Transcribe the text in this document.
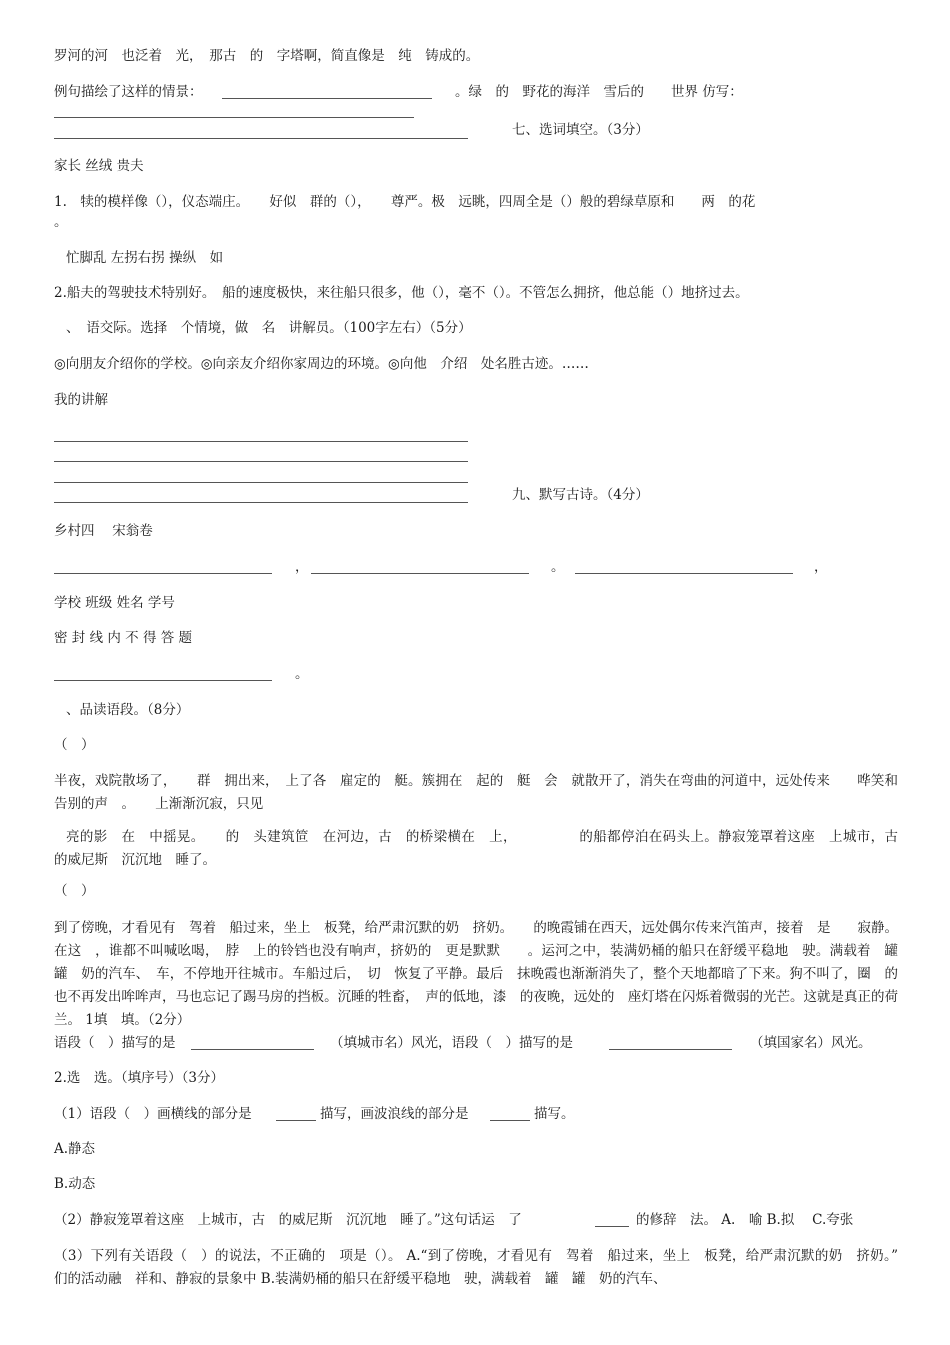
罗河的河　也泛着　光，　那古　的　字塔啊，简直像是　纯　铸成的。
例句描绘了这样的情景：	。绿　的　野花的海洋　雪后的　　世界 仿写：
七、选词填空。（3分）
家长 丝绒 贵夫
1.　犊的模样像（），仪态端庄。　　好似　群的（），　　尊严。极　远眺，四周全是（）般的碧绿草原和　　两　的花
。
忙脚乱 左拐右拐 操纵　如
2.船夫的驾驶技术特别好。　船的速度极快，来往船只很多，他（），毫不（）。不管怎么拥挤，他总能（）地挤过去。
、　语交际。选择　个情境，做　名　讲解员。（100字左右）（5分）
◎向朋友介绍你的学校。◎向亲友介绍你家周边的环境。◎向他　介绍　处名胜古迹。……
我的讲解
九、默写古诗。（4分）
乡村四　 宋翁卷
，	。	，
学校 班级 姓名 学号
密 封 线 内 不 得 答 题
。
、品读语段。（8分）
（　）
半夜，戏院散场了，　　群　拥出来，　上了各　雇定的　艇。簇拥在　起的　艇　会　就散开了，消失在弯曲的河道中，远处传来　　哗笑和告别的声　。　　上渐渐沉寂，只见
亮的影　在　中摇晃。　　的　头建筑笸　在河边，古　的桥梁横在　上，　　　　　的船都停泊在码头上。静寂笼罩着这座　上城市，古　的威尼斯　沉沉地　睡了。
（　）
到了傍晚，才看见有　驾着　船过来，坐上　板凳，给严肃沉默的奶　挤奶。　　的晚霞铺在西天，远处偶尔传来汽笛声，接着　是　　寂静。在这　，谁都不叫喊吆喝，　脖　上的铃铛也没有响声，挤奶的　更是默默　　。运河之中，装满奶桶的船只在舒缓平稳地　驶。满载着　罐　罐　奶的汽车、　车，不停地开往城市。车船过后，　切　恢复了平静。最后　抹晚霞也渐渐消失了，整个天地都暗了下来。狗不叫了，圈　的　也不再发出哞哞声，马也忘记了踢马房的挡板。沉睡的牲畜，　声的低地，漆　的夜晚，远处的　座灯塔在闪烁着微弱的光芒。这就是真正的荷兰。 1填　填。（2分）
语段（　）描写的是	（填城市名）风光，语段（　）描写的是	（填国家名）风光。
2.选　选。（填序号）（3分）
（1）语段（　）画横线的部分是	描写，画波浪线的部分是	描写。
A.静态
B.动态
（2）静寂笼罩着这座　上城市，古　的威尼斯　沉沉地　睡了。”这句话运　了	的修辞　法。 A.　喻 B.拟　 C.夸张
（3）下列有关语段（　）的说法，不正确的　项是（）。 A.“到了傍晚，才看见有　驾着　船过来，坐上　板凳，给严肃沉默的奶　挤奶。”　们的活动融　祥和、静寂的景象中 B.装满奶桶的船只在舒缓平稳地　驶，满载着　罐　罐　奶的汽车、
